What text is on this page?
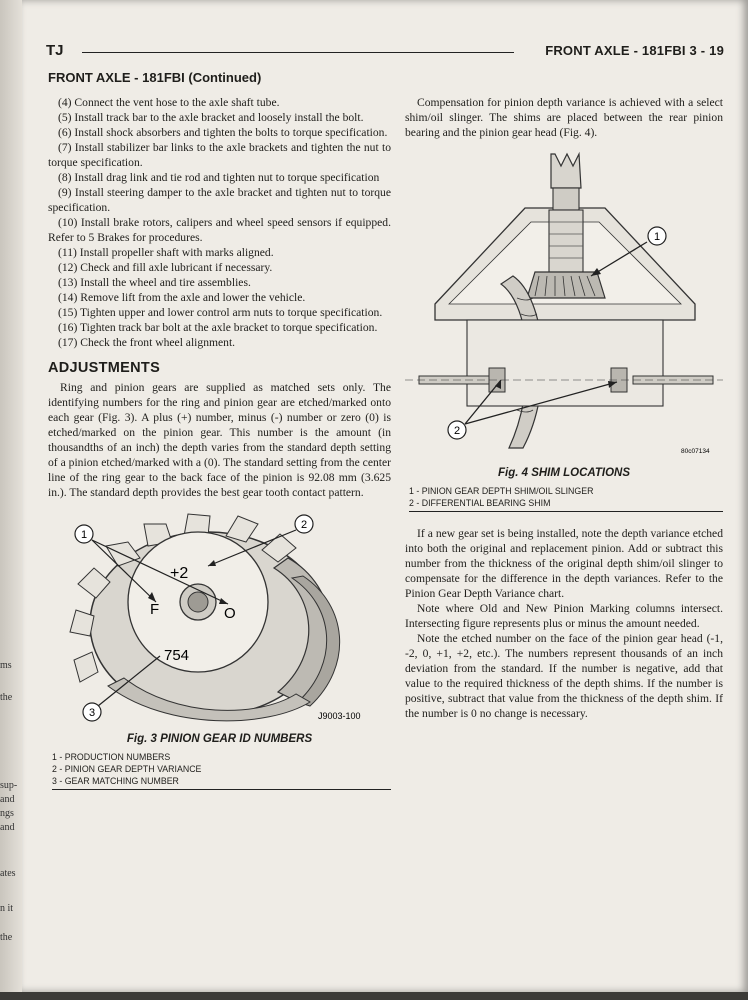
ms
the
sup-
and
ngs
and
ates
n it
the
TJ	FRONT AXLE - 181FBI 3 - 19
FRONT AXLE - 181FBI (Continued)

(4) Connect the vent hose to the axle shaft tube.

(5) Install track bar to the axle bracket and loosely install the bolt.

(6) Install shock absorbers and tighten the bolts to torque specification.

(7) Install stabilizer bar links to the axle brackets and tighten the nut to torque specification.

(8) Install drag link and tie rod and tighten nut to torque specification

(9) Install steering damper to the axle bracket and tighten nut to torque specification.

(10) Install brake rotors, calipers and wheel speed sensors if equipped. Refer to 5 Brakes for procedures.

(11) Install propeller shaft with marks aligned.

(12) Check and fill axle lubricant if necessary.

(13) Install the wheel and tire assemblies.

(14) Remove lift from the axle and lower the vehicle.

(15) Tighten upper and lower control arm nuts to torque specification.

(16) Tighten track bar bolt at the axle bracket to torque specification.

(17) Check the front wheel alignment.

ADJUSTMENTS

Ring and pinion gears are supplied as matched sets only. The identifying numbers for the ring and pinion gear are etched/marked onto each gear (Fig. 3). A plus (+) number, minus (-) number or zero (0) is etched/marked on the pinion gear. This number is the amount (in thousandths of an inch) the depth varies from the standard depth setting of a pinion etched/marked with a (0). The standard setting from the center line of the ring gear to the back face of the pinion is 92.08 mm (3.625 in.). The standard depth provides the best gear tooth contact pattern.

+2
F	O
754
1
2
3	J9003-100
Fig. 3 PINION GEAR ID NUMBERS
1 - PRODUCTION NUMBERS
2 - PINION GEAR DEPTH VARIANCE
3 - GEAR MATCHING NUMBER

Compensation for pinion depth variance is achieved with a select shim/oil slinger. The shims are placed between the rear pinion bearing and the pinion gear head (Fig. 4).

1
2
80c07134
Fig. 4 SHIM LOCATIONS
1 - PINION GEAR DEPTH SHIM/OIL SLINGER
2 - DIFFERENTIAL BEARING SHIM

If a new gear set is being installed, note the depth variance etched into both the original and replacement pinion. Add or subtract this number from the thickness of the original depth shim/oil slinger to compensate for the difference in the depth variances. Refer to the Pinion Gear Depth Variance chart.

Note where Old and New Pinion Marking columns intersect. Intersecting figure represents plus or minus the amount needed.

Note the etched number on the face of the pinion gear head (-1, -2, 0, +1, +2, etc.). The numbers represent thousands of an inch deviation from the standard. If the number is negative, add that value to the required thickness of the depth shims. If the number is positive, subtract that value from the thickness of the depth shim. If the number is 0 no change is necessary.
